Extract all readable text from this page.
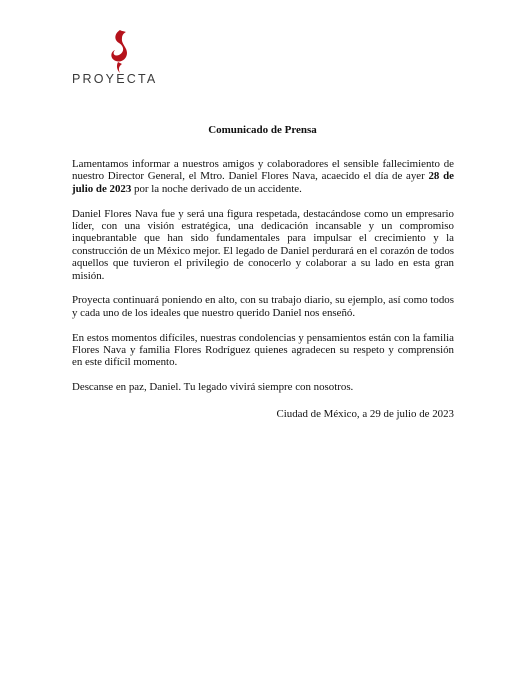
PROYECTA
Comunicado de Prensa

Lamentamos informar a nuestros amigos y colaboradores el sensible fallecimiento de nuestro Director General, el Mtro. Daniel Flores Nava, acaecido el día de ayer 28 de julio de 2023 por la noche derivado de un accidente.

Daniel Flores Nava fue y será una figura respetada, destacándose como un empresario líder, con una visión estratégica, una dedicación incansable y un compromiso inquebrantable que han sido fundamentales para impulsar el crecimiento y la construcción de un México mejor. El legado de Daniel perdurará en el corazón de todos aquellos que tuvieron el privilegio de conocerlo y colaborar a su lado en esta gran misión.

Proyecta continuará poniendo en alto, con su trabajo diario, su ejemplo, así como todos y cada uno de los ideales que nuestro querido Daniel nos enseñó.

En estos momentos difíciles, nuestras condolencias y pensamientos están con la familia Flores Nava y familia Flores Rodríguez quienes agradecen su respeto y comprensión en este difícil momento.

Descanse en paz, Daniel. Tu legado vivirá siempre con nosotros.

Ciudad de México, a 29 de julio de 2023
